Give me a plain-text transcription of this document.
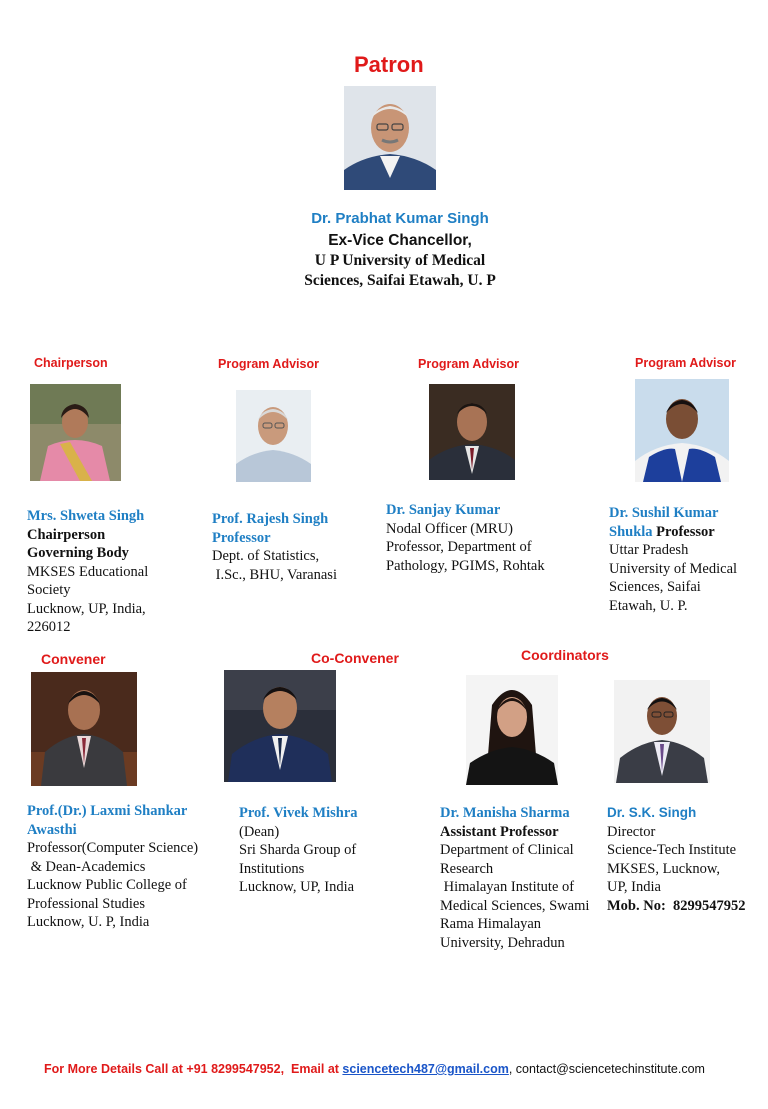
Patron
Dr. Prabhat Kumar Singh
Ex-Vice Chancellor,
U P University of Medical
Sciences, Saifai Etawah, U. P
Chairperson	Program Advisor	Program Advisor	Program Advisor
Mrs. Shweta Singh
Chairperson
Governing Body
MKSES Educational
Society
Lucknow, UP, India,
226012
Prof. Rajesh Singh
Professor
Dept. of Statistics,
I.Sc., BHU, Varanasi
Dr. Sanjay Kumar
Nodal Officer (MRU)
Professor, Department of
Pathology, PGIMS, Rohtak
Dr. Sushil Kumar
Shukla Professor
Uttar Pradesh
University of Medical
Sciences, Saifai
Etawah, U. P.
Convener	Co-Convener	Coordinators
Prof.(Dr.) Laxmi Shankar
Awasthi
Professor(Computer Science)
& Dean-Academics
Lucknow Public College of
Professional Studies
Lucknow, U. P, India
Prof. Vivek Mishra
(Dean)
Sri Sharda Group of
Institutions
Lucknow, UP, India
Dr. Manisha Sharma
Assistant Professor
Department of Clinical
Research
Himalayan Institute of
Medical Sciences, Swami
Rama Himalayan
University, Dehradun
Dr. S.K. Singh
Director
Science-Tech Institute
MKSES, Lucknow,
UP, India
Mob. No:  8299547952
For More Details Call at +91 8299547952,  Email at sciencetech487@gmail.com, contact@sciencetechinstitute.com
